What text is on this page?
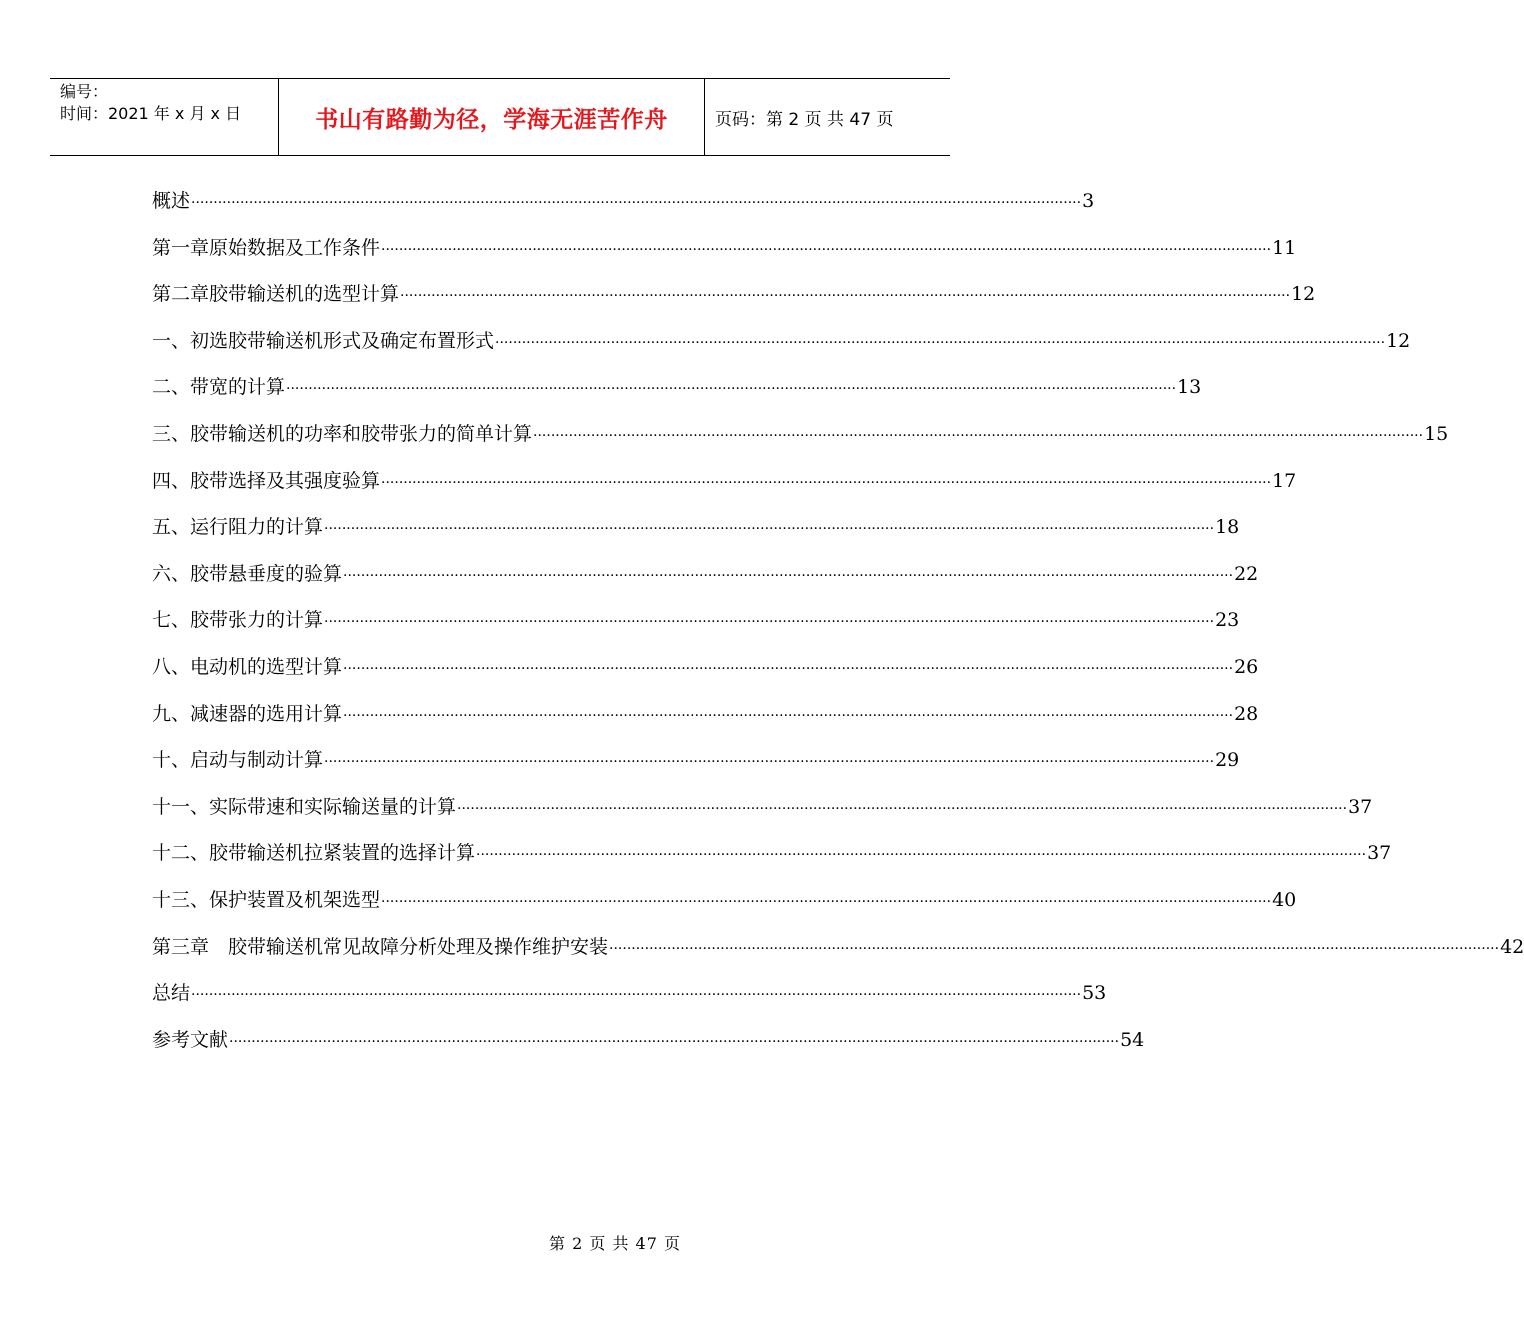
编号：
时间：2021 年 x 月 x 日	书山有路勤为径，学海无涯苦作舟	页码：第 2 页 共 47 页
概述 ········································································································································································································ 3
第一章原始数据及工作条件 ········································································································································································································ 11
第二章胶带输送机的选型计算 ········································································································································································································ 12
一、初选胶带输送机形式及确定布置形式 ········································································································································································································ 12
二、带宽的计算 ········································································································································································································ 13
三、胶带输送机的功率和胶带张力的简单计算 ········································································································································································································ 15
四、胶带选择及其强度验算 ········································································································································································································ 17
五、运行阻力的计算 ········································································································································································································ 18
六、胶带悬垂度的验算 ········································································································································································································ 22
七、胶带张力的计算 ········································································································································································································ 23
八、电动机的选型计算 ········································································································································································································ 26
九、减速器的选用计算 ········································································································································································································ 28
十、启动与制动计算 ········································································································································································································ 29
十一、实际带速和实际输送量的计算 ········································································································································································································ 37
十二、胶带输送机拉紧装置的选择计算 ········································································································································································································ 37
十三、保护装置及机架选型 ········································································································································································································ 40
第三章　胶带输送机常见故障分析处理及操作维护安装 ········································································································································································································ 42
总结 ········································································································································································································ 53
参考文献 ········································································································································································································ 54
第 2 页 共 47 页
